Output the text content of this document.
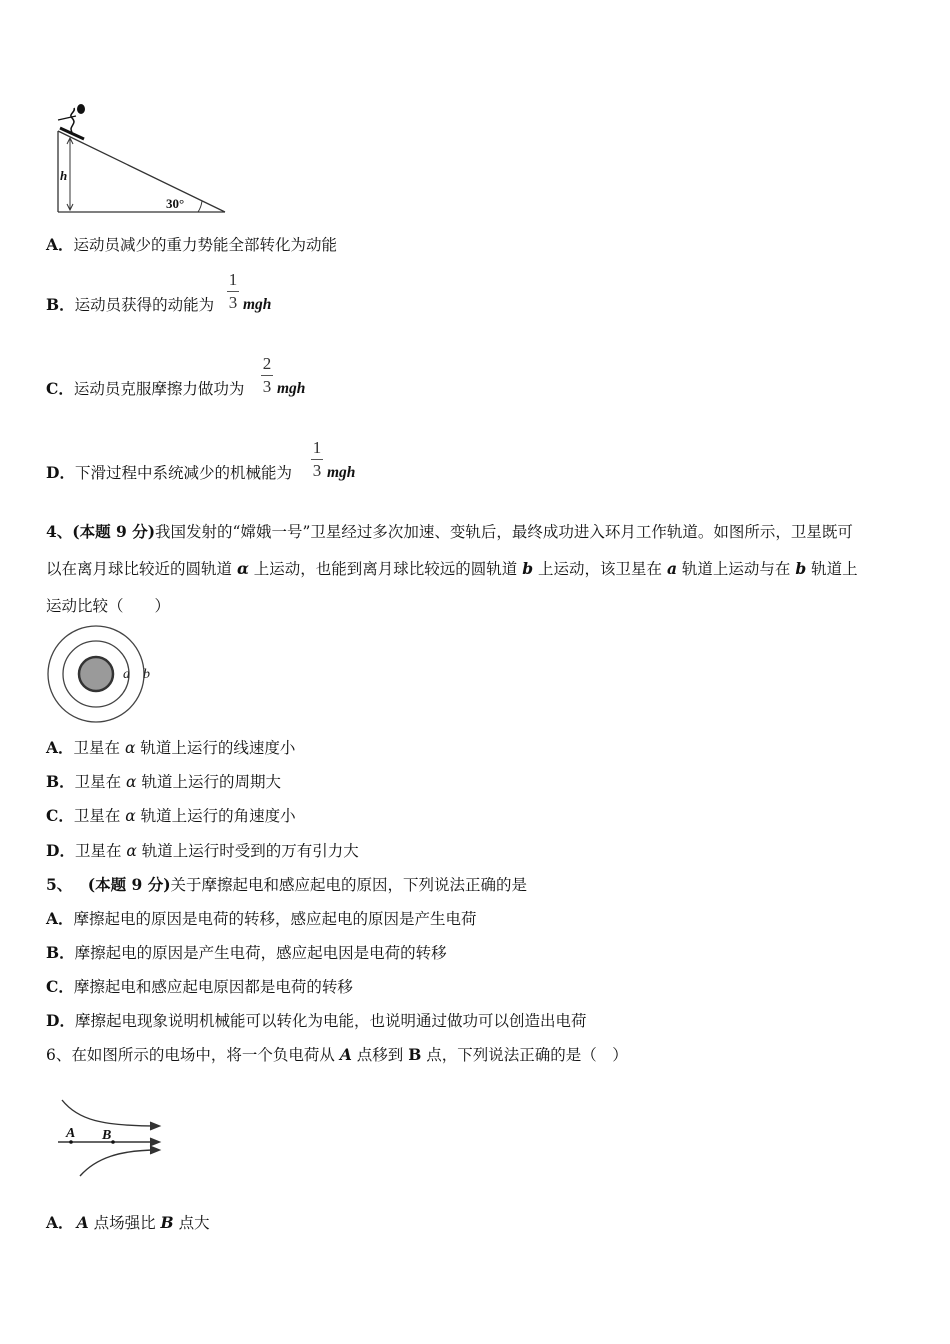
h
30°
A．运动员减少的重力势能全部转化为动能
B．运动员获得的动能为
1
3 mgh
C．运动员克服摩擦力做功为
2
3 mgh
D．下滑过程中系统减少的机械能为
1
3 mgh
4、(本题 9 分)我国发射的“嫦娥一号”卫星经过多次加速、变轨后，最终成功进入环月工作轨道。如图所示，卫星既可
以在离月球比较近的圆轨道 α 上运动，也能到离月球比较远的圆轨道 b 上运动，该卫星在 a 轨道上运动与在 b 轨道上
运动比较（　　）
a b
A．卫星在 α 轨道上运行的线速度小
B．卫星在 α 轨道上运行的周期大
C．卫星在 α 轨道上运行的角速度小
D．卫星在 α 轨道上运行时受到的万有引力大
5、  (本题 9 分)关于摩擦起电和感应起电的原因，下列说法正确的是
A．摩擦起电的原因是电荷的转移，感应起电的原因是产生电荷
B．摩擦起电的原因是产生电荷，感应起电因是电荷的转移
C．摩擦起电和感应起电原因都是电荷的转移
D．摩擦起电现象说明机械能可以转化为电能，也说明通过做功可以创造出电荷
6、在如图所示的电场中，将一个负电荷从 A 点移到 B 点，下列说法正确的是（　）
A B
A．  A 点场强比 B 点大
